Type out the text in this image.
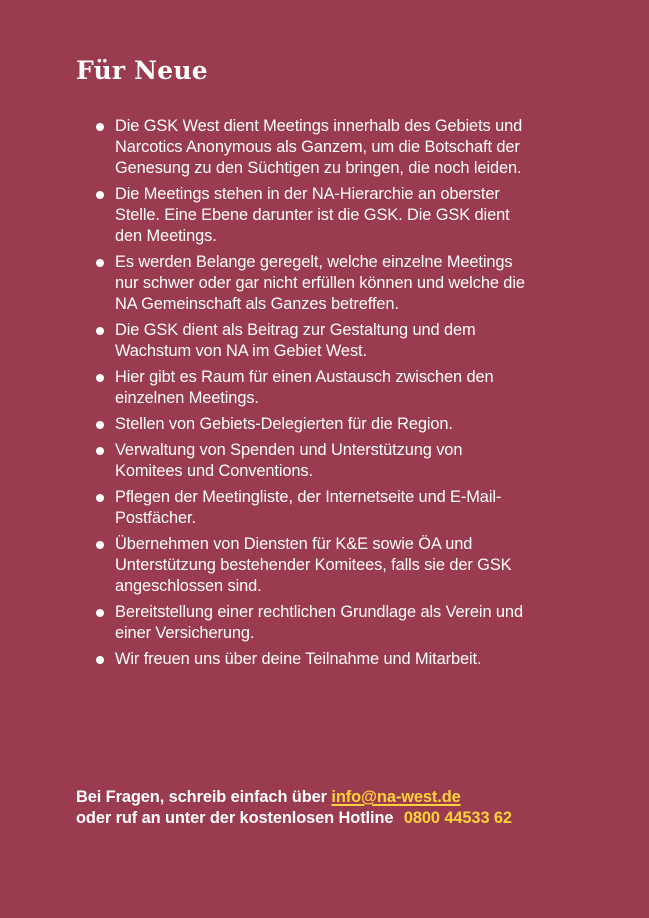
Für Neue
Die GSK West dient Meetings innerhalb des Gebiets und Narcotics Anonymous als Ganzem, um die Botschaft der Genesung zu den Süchtigen zu bringen, die noch leiden.
Die Meetings stehen in der NA-Hierarchie an oberster Stelle. Eine Ebene darunter ist die GSK. Die GSK dient den Meetings.
Es werden Belange geregelt, welche einzelne Meetings nur schwer oder gar nicht erfüllen können und welche die NA Gemeinschaft als Ganzes betreffen.
Die GSK dient als Beitrag zur Gestaltung und dem Wachstum von NA im Gebiet West.
Hier gibt es Raum für einen Austausch zwischen den einzelnen Meetings.
Stellen von Gebiets-Delegierten für die Region.
Verwaltung von Spenden und Unterstützung von Komitees und Conventions.
Pflegen der Meetingliste, der Internetseite und E-Mail-Postfächer.
Übernehmen von Diensten für K&E sowie ÖA und Unterstützung bestehender Komitees, falls sie der GSK angeschlossen sind.
Bereitstellung einer rechtlichen Grundlage als Verein und einer Versicherung.
Wir freuen uns über deine Teilnahme und Mitarbeit.
Bei Fragen, schreib einfach über info@na-west.de
oder ruf an unter der kostenlosen Hotline 0800 44533 62
